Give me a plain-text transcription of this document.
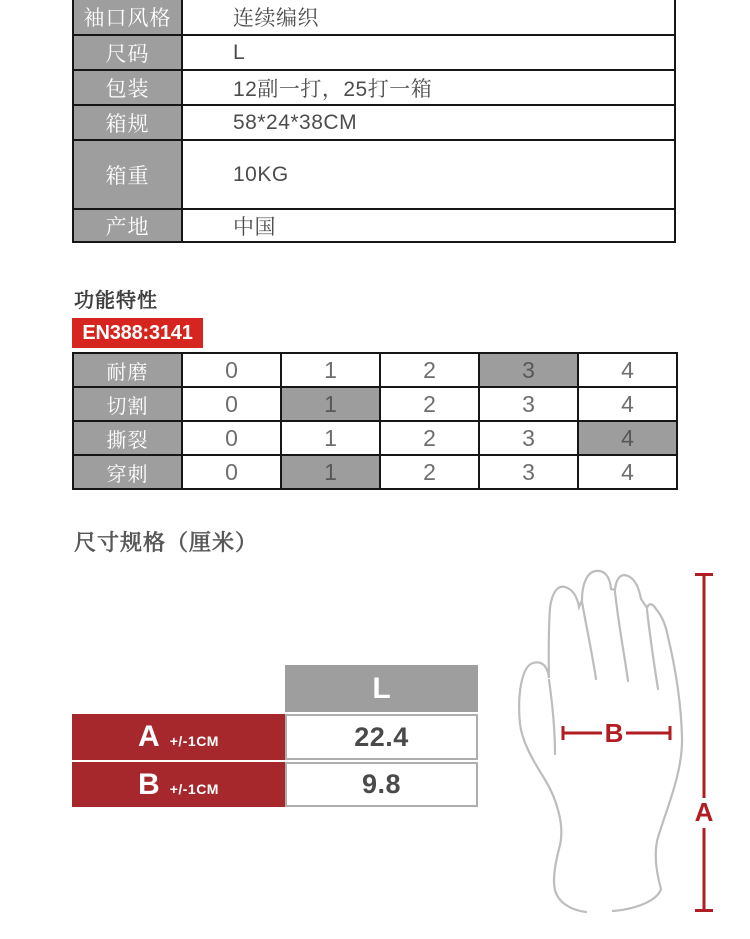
袖口风格	连续编织
尺码	L
包装	12副一打，25打一箱
箱规	58*24*38CM
箱重	10KG
产地	中国
功能特性
EN388:3141
耐磨	0	1	2	3	4
切割	0	1	2	3	4
撕裂	0	1	2	3	4
穿刺	0	1	2	3	4
尺寸规格（厘米）
L
A +/-1CM	22.4
B +/-1CM	9.8
A
B
